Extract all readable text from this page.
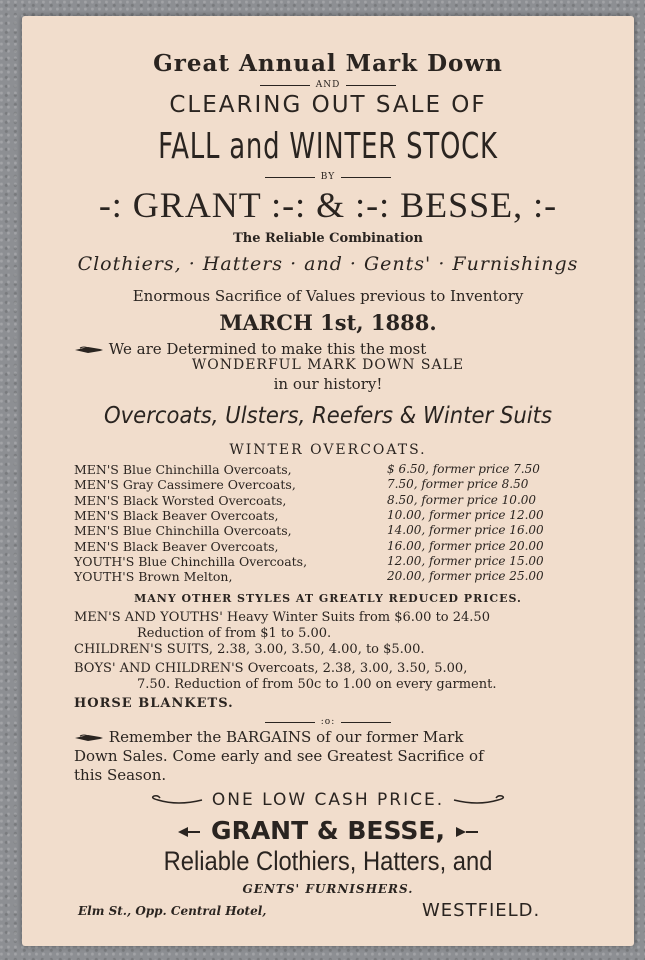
Great Annual Mark Down
AND
CLEARING OUT SALE OF
FALL and WINTER STOCK
BY
-: GRANT :-: & :-: BESSE, :-
The Reliable Combination
Clothiers, · Hatters · and · Gents' · Furnishings
Enormous Sacrifice of Values previous to Inventory
MARCH 1st, 1888.
We are Determined to make this the most
WONDERFUL MARK DOWN SALE
in our history!
Overcoats, Ulsters, Reefers & Winter Suits
WINTER OVERCOATS.
MEN'S Blue Chinchilla Overcoats,	$ 6.50, former price 7.50
MEN'S Gray Cassimere Overcoats,	7.50, former price 8.50
MEN'S Black Worsted Overcoats,	8.50, former price 10.00
MEN'S Black Beaver Overcoats,	10.00, former price 12.00
MEN'S Blue Chinchilla Overcoats,	14.00, former price 16.00
MEN'S Black Beaver Overcoats,	16.00, former price 20.00
YOUTH'S Blue Chinchilla Overcoats,	12.00, former price 15.00
YOUTH'S Brown Melton,	20.00, former price 25.00
MANY OTHER STYLES AT GREATLY REDUCED PRICES.
MEN'S AND YOUTHS' Heavy Winter Suits from $6.00 to 24.50
Reduction of from $1 to 5.00.
CHILDREN'S SUITS, 2.38, 3.00, 3.50, 4.00, to $5.00.
BOYS' AND CHILDREN'S Overcoats, 2.38, 3.00, 3.50, 5.00,
7.50. Reduction of from 50c to 1.00 on every garment.
HORSE BLANKETS.
:o:
Remember the BARGAINS of our former Mark
Down Sales. Come early and see Greatest Sacrifice of
this Season.
ONE LOW CASH PRICE.
GRANT & BESSE,
Reliable Clothiers, Hatters, and
GENTS' FURNISHERS.
Elm St., Opp. Central Hotel,	WESTFIELD.
